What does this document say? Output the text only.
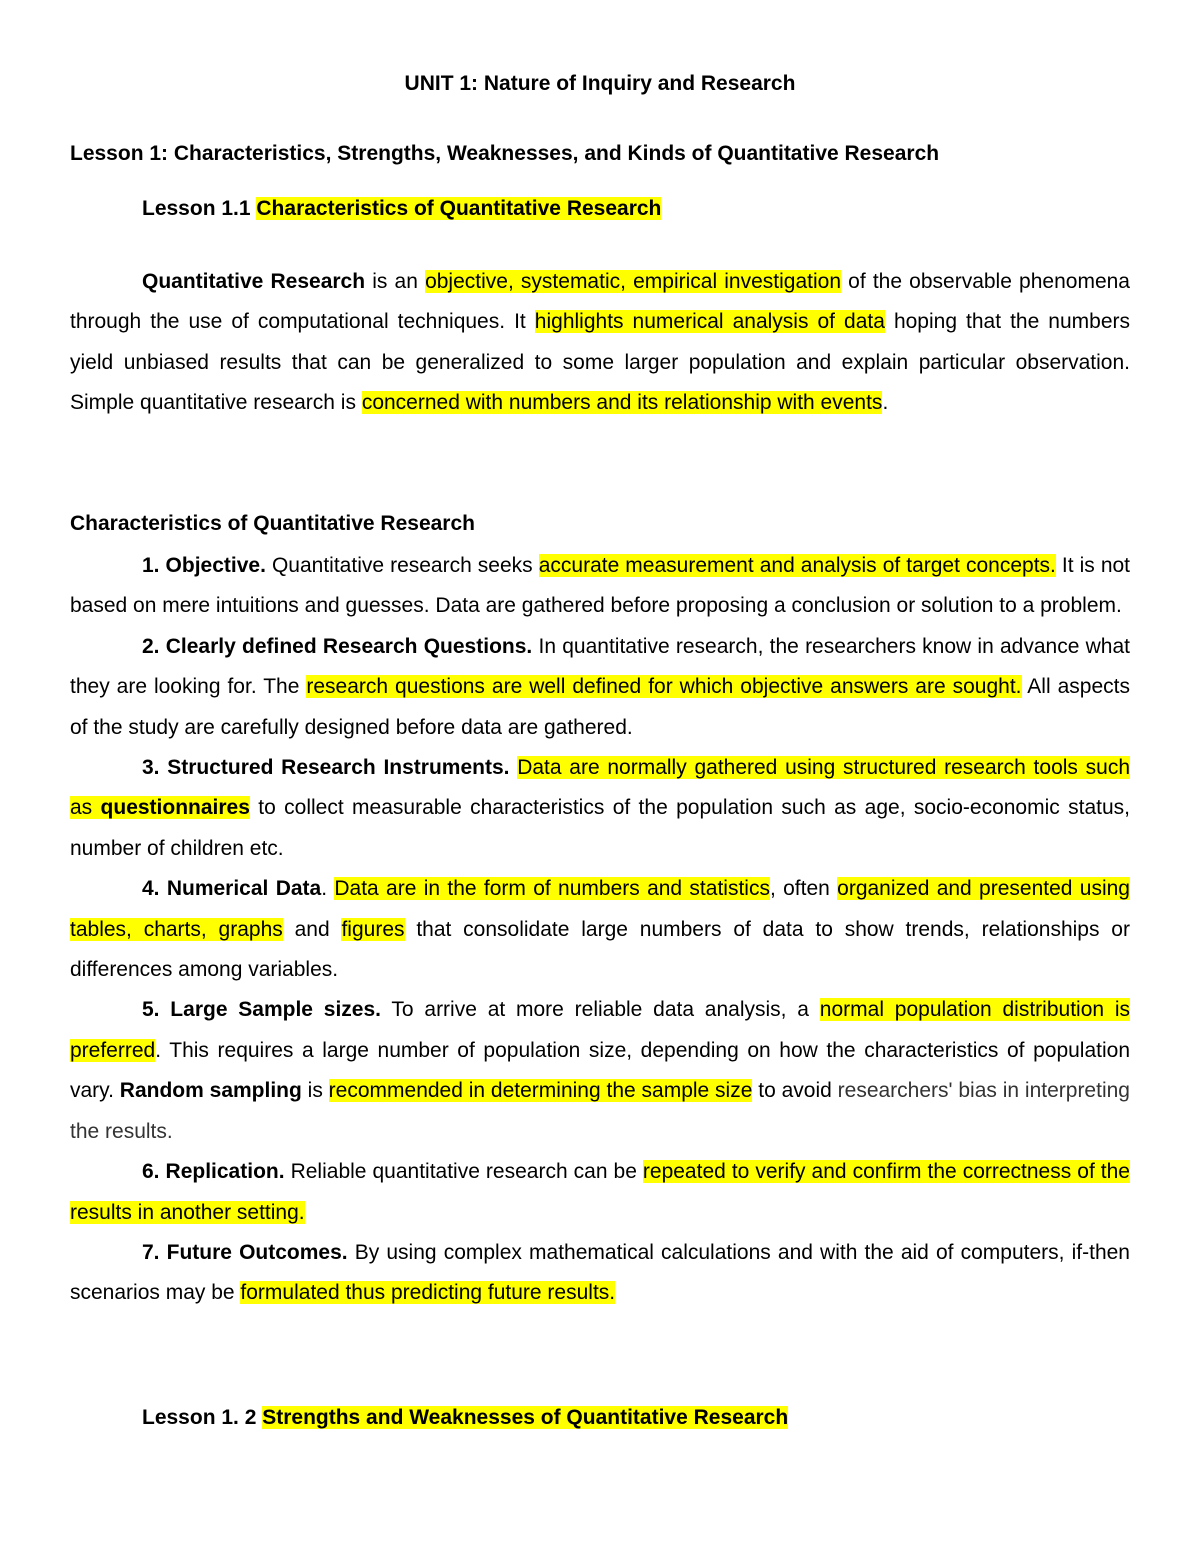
UNIT 1: Nature of Inquiry and Research
Lesson 1: Characteristics, Strengths, Weaknesses, and Kinds of Quantitative Research
Lesson 1.1 Characteristics of Quantitative Research
Quantitative Research is an objective, systematic, empirical investigation of the observable phenomena through the use of computational techniques. It highlights numerical analysis of data hoping that the numbers yield unbiased results that can be generalized to some larger population and explain particular observation. Simple quantitative research is concerned with numbers and its relationship with events.
Characteristics of Quantitative Research

1. Objective. Quantitative research seeks accurate measurement and analysis of target concepts. It is not based on mere intuitions and guesses. Data are gathered before proposing a conclusion or solution to a problem.

2. Clearly defined Research Questions. In quantitative research, the researchers know in advance what they are looking for. The research questions are well defined for which objective answers are sought. All aspects of the study are carefully designed before data are gathered.

3. Structured Research Instruments. Data are normally gathered using structured research tools such as questionnaires to collect measurable characteristics of the population such as age, socio-economic status, number of children etc.

4. Numerical Data. Data are in the form of numbers and statistics, often organized and presented using tables, charts, graphs and figures that consolidate large numbers of data to show trends, relationships or differences among variables.

5. Large Sample sizes. To arrive at more reliable data analysis, a normal population distribution is preferred. This requires a large number of population size, depending on how the characteristics of population vary. Random sampling is recommended in determining the sample size to avoid researchers' bias in interpreting the results.

6. Replication. Reliable quantitative research can be repeated to verify and confirm the correctness of the results in another setting.

7. Future Outcomes. By using complex mathematical calculations and with the aid of computers, if-then scenarios may be formulated thus predicting future results.

Lesson 1. 2 Strengths and Weaknesses of Quantitative Research
